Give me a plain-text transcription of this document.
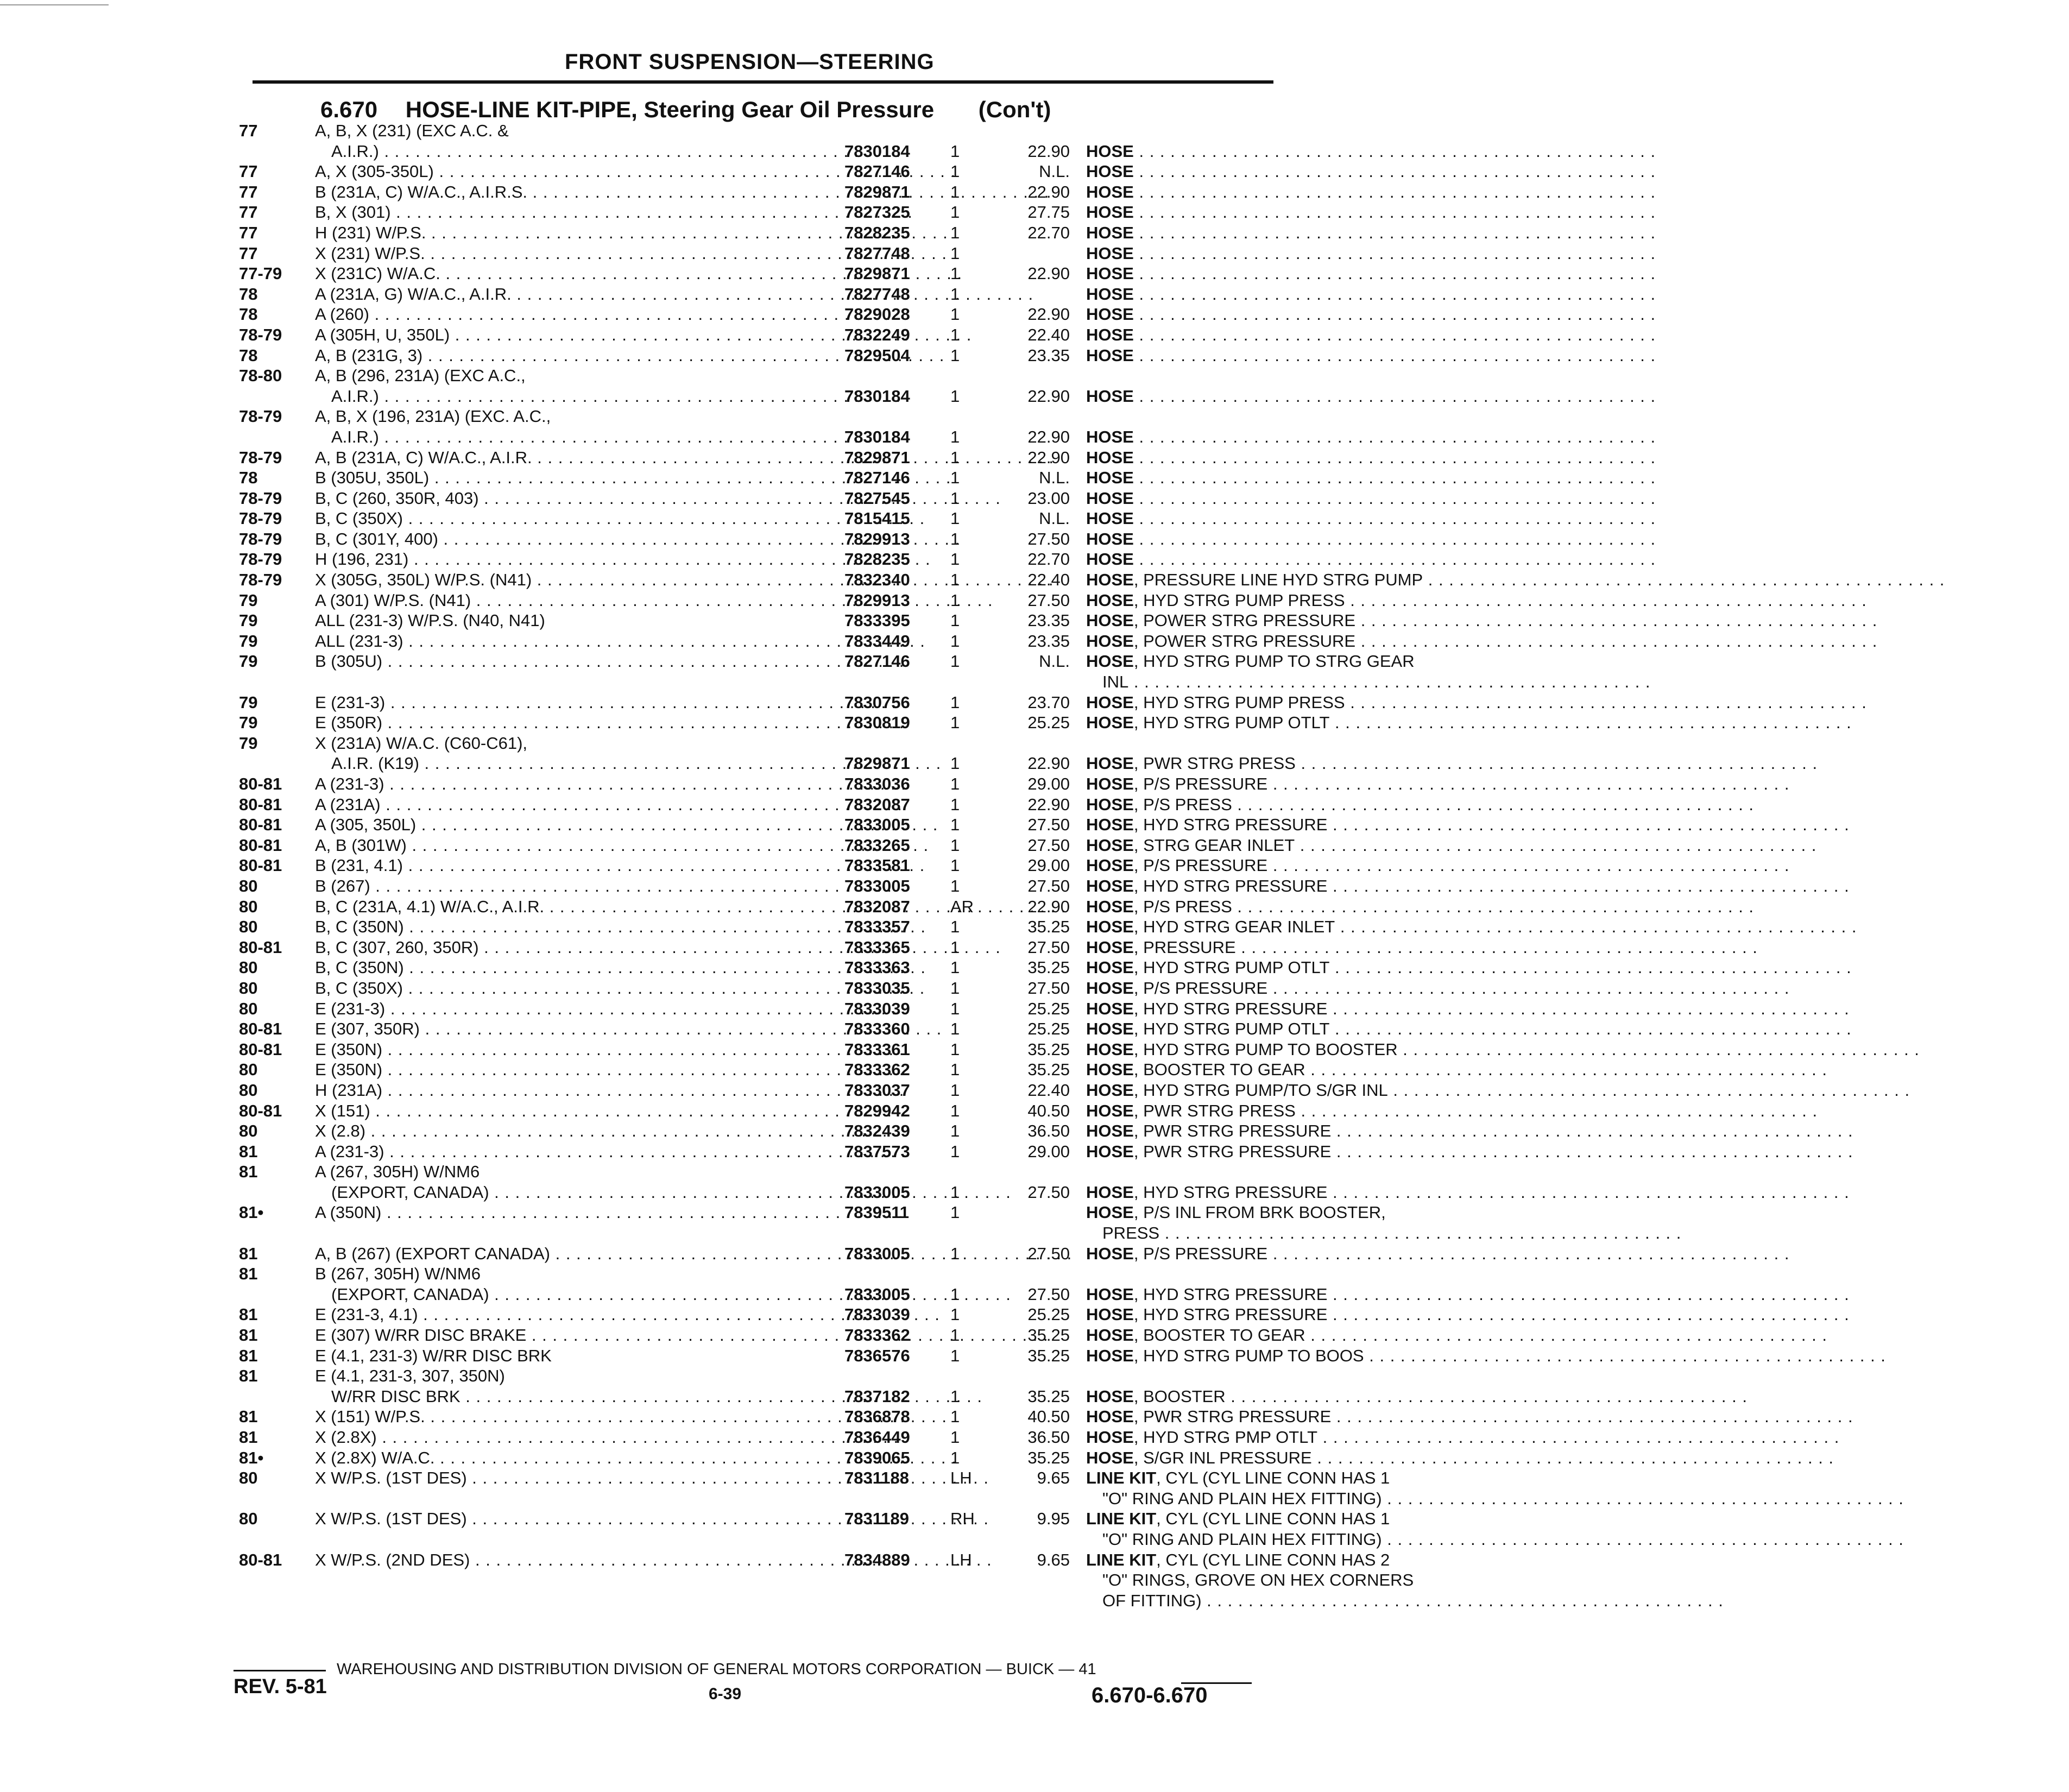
FRONT SUSPENSION—STEERING
6.670 HOSE-LINE KIT-PIPE, Steering Gear Oil Pressure (Con't)
77	A, B, X (231) (EXC A.C. &
A.I.R.) . . .	7830184	1	22.90 HOSE . . .
77	A, X (305-350L) . . .	7827146	1	N.L. HOSE . . .
77	B (231A, C) W/A.C., A.I.R.S. . . .	7829871	1	22.90 HOSE . . .
77	B, X (301) . . .	7827325	1	27.75 HOSE . . .
77	H (231) W/P.S. . . .	7828235	1	22.70 HOSE . . .
77	X (231) W/P.S. . . .	7827748	1	HOSE . . .
77-79	X (231C) W/A.C. . . .	7829871	1	22.90 HOSE . . .
78	A (231A, G) W/A.C., A.I.R. . . .	7827748	1	HOSE . . .
78	A (260) . . .	7829028	1	22.90 HOSE . . .
78-79	A (305H, U, 350L) . . .	7832249	1	22.40 HOSE . . .
78	A, B (231G, 3) . . .	7829504	1	23.35 HOSE . . .
78-80	A, B (296, 231A) (EXC A.C.,
A.I.R.) . . .	7830184	1	22.90 HOSE . . .
78-79	A, B, X (196, 231A) (EXC. A.C.,
A.I.R.) . . .	7830184	1	22.90 HOSE . . .
78-79	A, B (231A, C) W/A.C., A.I.R. . . .	7829871	1	22.90 HOSE . . .
78	B (305U, 350L) . . .	7827146	1	N.L. HOSE . . .
78-79	B, C (260, 350R, 403) . . .	7827545	1	23.00 HOSE . . .
78-79	B, C (350X) . . .	7815415	1	N.L. HOSE . . .
78-79	B, C (301Y, 400) . . .	7829913	1	27.50 HOSE . . .
78-79	H (196, 231) . . .	7828235	1	22.70 HOSE . . .
78-79	X (305G, 350L) W/P.S. (N41) . . .	7832340	1	22.40 HOSE, PRESSURE LINE HYD STRG PUMP . . .
79	A (301) W/P.S. (N41) . . .	7829913	1	27.50 HOSE, HYD STRG PUMP PRESS . . .
79	ALL (231-3) W/P.S. (N40, N41)	7833395	1	23.35 HOSE, POWER STRG PRESSURE . . .
79	ALL (231-3) . . .	7833449	1	23.35 HOSE, POWER STRG PRESSURE . . .
79	B (305U) . . .	7827146	1	N.L. HOSE, HYD STRG PUMP TO STRG GEAR
INL . . .
79	E (231-3) . . .	7830756	1	23.70 HOSE, HYD STRG PUMP PRESS . . .
79	E (350R) . . .	7830819	1	25.25 HOSE, HYD STRG PUMP OTLT . . .
79	X (231A) W/A.C. (C60-C61),
A.I.R. (K19) . . .	7829871	1	22.90 HOSE, PWR STRG PRESS . . .
80-81	A (231-3) . . .	7833036	1	29.00 HOSE, P/S PRESSURE . . .
80-81	A (231A) . . .	7832087	1	22.90 HOSE, P/S PRESS . . .
80-81	A (305, 350L) . . .	7833005	1	27.50 HOSE, HYD STRG PRESSURE . . .
80-81	A, B (301W) . . .	7833265	1	27.50 HOSE, STRG GEAR INLET . . .
80-81	B (231, 4.1) . . .	7833581	1	29.00 HOSE, P/S PRESSURE . . .
80	B (267) . . .	7833005	1	27.50 HOSE, HYD STRG PRESSURE . . .
80	B, C (231A, 4.1) W/A.C., A.I.R. . . .	7832087	AR	22.90 HOSE, P/S PRESS . . .
80	B, C (350N) . . .	7833357	1	35.25 HOSE, HYD STRG GEAR INLET . . .
80-81	B, C (307, 260, 350R) . . .	7833365	1	27.50 HOSE, PRESSURE . . .
80	B, C (350N) . . .	7833363	1	35.25 HOSE, HYD STRG PUMP OTLT . . .
80	B, C (350X) . . .	7833035	1	27.50 HOSE, P/S PRESSURE . . .
80	E (231-3) . . .	7833039	1	25.25 HOSE, HYD STRG PRESSURE . . .
80-81	E (307, 350R) . . .	7833360	1	25.25 HOSE, HYD STRG PUMP OTLT . . .
80-81	E (350N) . . .	7833361	1	35.25 HOSE, HYD STRG PUMP TO BOOSTER . . .
80	E (350N) . . .	7833362	1	35.25 HOSE, BOOSTER TO GEAR . . .
80	H (231A) . . .	7833037	1	22.40 HOSE, HYD STRG PUMP/TO S/GR INL . . .
80-81	X (151) . . .	7829942	1	40.50 HOSE, PWR STRG PRESS . . .
80	X (2.8) . . .	7832439	1	36.50 HOSE, PWR STRG PRESSURE . . .
81	A (231-3) . . .	7837573	1	29.00 HOSE, PWR STRG PRESSURE . . .
81	A (267, 305H) W/NM6
(EXPORT, CANADA) . . .	7833005	1	27.50 HOSE, HYD STRG PRESSURE . . .
81•	A (350N) . . .	7839511	1	HOSE, P/S INL FROM BRK BOOSTER,
PRESS . . .
81	A, B (267) (EXPORT CANADA) . . .	7833005	1	27.50 HOSE, P/S PRESSURE . . .
81	B (267, 305H) W/NM6
(EXPORT, CANADA) . . .	7833005	1	27.50 HOSE, HYD STRG PRESSURE . . .
81	E (231-3, 4.1) . . .	7833039	1	25.25 HOSE, HYD STRG PRESSURE . . .
81	E (307) W/RR DISC BRAKE . . .	7833362	1	35.25 HOSE, BOOSTER TO GEAR . . .
81	E (4.1, 231-3) W/RR DISC BRK	7836576	1	35.25 HOSE, HYD STRG PUMP TO BOOS . . .
81	E (4.1, 231-3, 307, 350N)
W/RR DISC BRK . . .	7837182	1	35.25 HOSE, BOOSTER . . .
81	X (151) W/P.S. . . .	7836878	1	40.50 HOSE, PWR STRG PRESSURE . . .
81	X (2.8X) . . .	7836449	1	36.50 HOSE, HYD STRG PMP OTLT . . .
81•	X (2.8X) W/A.C. . . .	7839065	1	35.25 HOSE, S/GR INL PRESSURE . . .
80	X W/P.S. (1ST DES) . . .	7831188	LH	9.65 LINE KIT, CYL (CYL LINE CONN HAS 1
"O" RING AND PLAIN HEX FITTING) . . .
80	X W/P.S. (1ST DES) . . .	7831189	RH	9.95 LINE KIT, CYL (CYL LINE CONN HAS 1
"O" RING AND PLAIN HEX FITTING) . . .
80-81	X W/P.S. (2ND DES) . . .	7834889	LH	9.65 LINE KIT, CYL (CYL LINE CONN HAS 2
"O" RINGS, GROVE ON HEX CORNERS
OF FITTING) . . .
WAREHOUSING AND DISTRIBUTION DIVISION OF GENERAL MOTORS CORPORATION — BUICK — 41
REV. 5-81	6-39	6.670-6.670
